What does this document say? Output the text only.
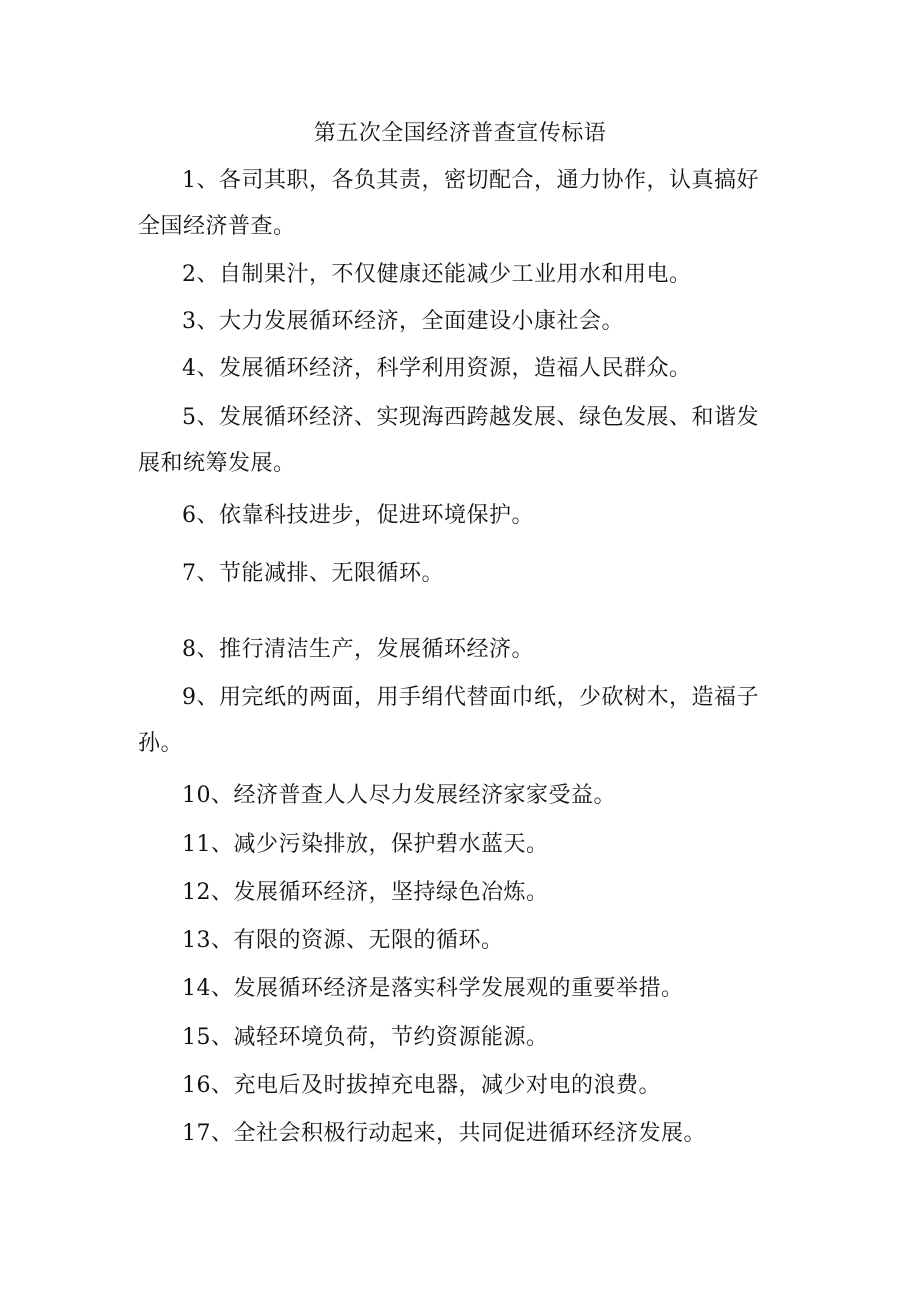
第五次全国经济普查宣传标语
1、各司其职，各负其责，密切配合，通力协作，认真搞好全国经济普查。
2、自制果汁，不仅健康还能减少工业用水和用电。
3、大力发展循环经济，全面建设小康社会。
4、发展循环经济，科学利用资源，造福人民群众。
5、发展循环经济、实现海西跨越发展、绿色发展、和谐发展和统筹发展。
6、依靠科技进步，促进环境保护。
7、节能减排、无限循环。
8、推行清洁生产，发展循环经济。
9、用完纸的两面，用手绢代替面巾纸，少砍树木，造福子孙。
10、经济普查人人尽力发展经济家家受益。
11、减少污染排放，保护碧水蓝天。
12、发展循环经济，坚持绿色冶炼。
13、有限的资源、无限的循环。
14、发展循环经济是落实科学发展观的重要举措。
15、减轻环境负荷，节约资源能源。
16、充电后及时拔掉充电器，减少对电的浪费。
17、全社会积极行动起来，共同促进循环经济发展。
